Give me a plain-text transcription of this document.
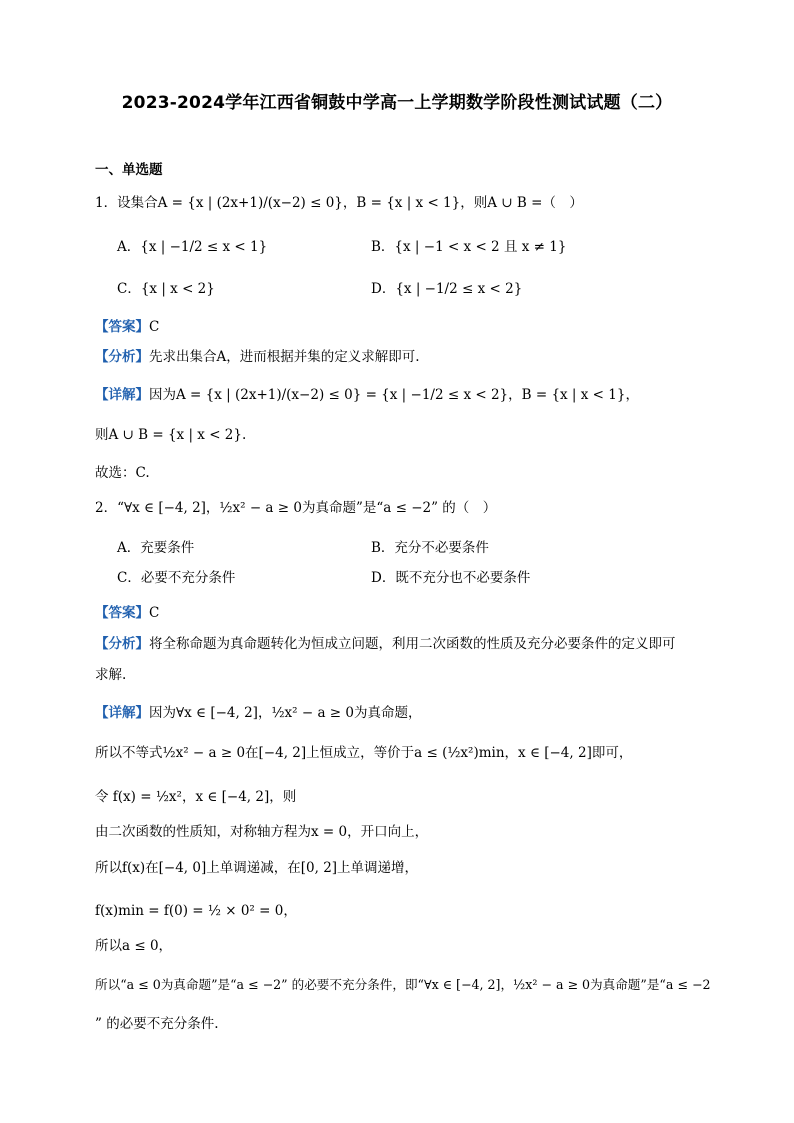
2023-2024学年江西省铜鼓中学高一上学期数学阶段性测试试题（二）
一、单选题
1．设集合A = {x | (2x+1)/(x−2) ≤ 0}，B = {x | x < 1}，则A ∪ B =（　）
A．{x | −1/2 ≤ x < 1}	B．{x | −1 < x < 2 且 x ≠ 1}
C．{x | x < 2}	D．{x | −1/2 ≤ x < 2}
【答案】C
【分析】先求出集合A，进而根据并集的定义求解即可.
【详解】因为A = {x | (2x+1)/(x−2) ≤ 0} = {x | −1/2 ≤ x < 2}，B = {x | x < 1}，
则A ∪ B = {x | x < 2}.
故选：C.
2．“∀x ∈ [−4, 2]，½x² − a ≥ 0为真命题”是“a ≤ −2” 的（　）
A．充要条件	B．充分不必要条件
C．必要不充分条件	D．既不充分也不必要条件
【答案】C
【分析】将全称命题为真命题转化为恒成立问题，利用二次函数的性质及充分必要条件的定义即可
求解.
【详解】因为∀x ∈ [−4, 2]，½x² − a ≥ 0为真命题，
所以不等式½x² − a ≥ 0在[−4, 2]上恒成立，等价于a ≤ (½x²)min，x ∈ [−4, 2]即可，
令 f(x) = ½x²，x ∈ [−4, 2]，则
由二次函数的性质知，对称轴方程为x = 0，开口向上，
所以f(x)在[−4, 0]上单调递减，在[0, 2]上单调递增，
f(x)min = f(0) = ½ × 0² = 0，
所以a ≤ 0，
所以“a ≤ 0为真命题”是“a ≤ −2” 的必要不充分条件，即“∀x ∈ [−4, 2]，½x² − a ≥ 0为真命题”是“a ≤ −2
” 的必要不充分条件.
